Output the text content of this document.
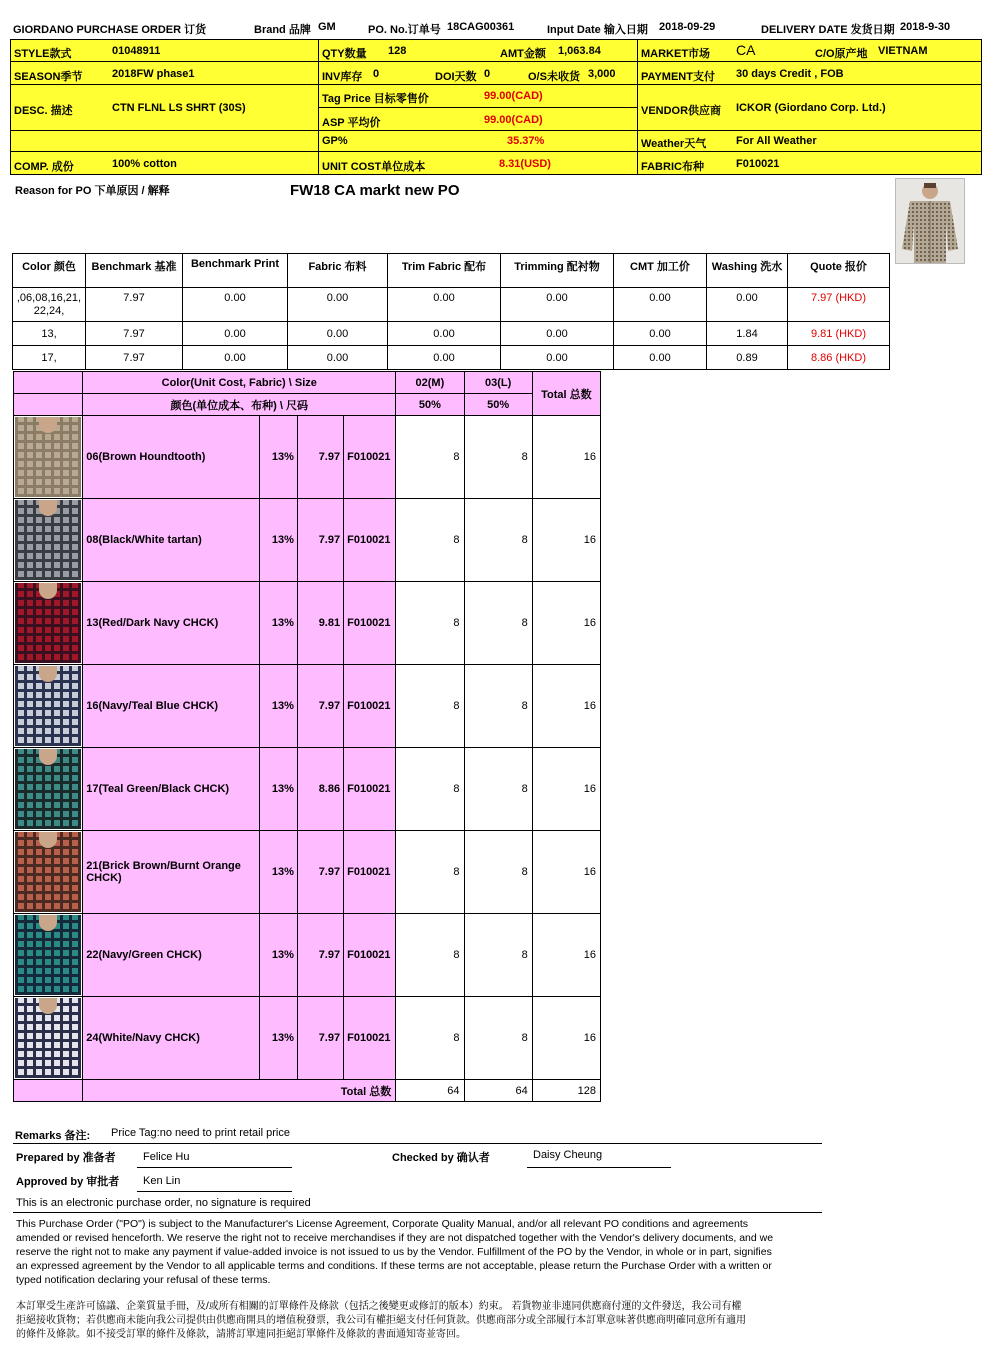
GIORDANO PURCHASE ORDER 订货	Brand 品牌 GM	PO. No.订单号 18CAG00361	Input Date 输入日期 2018-09-29	DELIVERY DATE 发货日期 2018-9-30
STYLE款式	01048911
SEASON季节	2018FW phase1
DESC. 描述	CTN FLNL LS SHRT (30S)
COMP. 成份	100% cotton
QTY数量 128	AMT金额 1,063.84
INV库存 0	DOI天数 0	O/S未收货 3,000
Tag Price 目标零售价	99.00(CAD)
ASP 平均价	99.00(CAD)
GP%	35.37%
UNIT COST单位成本	8.31(USD)
MARKET市场 CA	C/O原产地 VIETNAM
PAYMENT支付 30 days Credit , FOB
VENDOR供应商 ICKOR (Giordano Corp. Ltd.)
Weather天气	For All Weather
FABRIC布种	F010021
Reason for PO 下单原因 / 解释	FW18 CA markt new PO
Color 颜色	Benchmark 基准	Benchmark Print	Fabric 布料	Trim Fabric 配布	Trimming 配衬物	CMT 加工价	Washing 洗水	Quote 报价
,06,08,16,21,
22,24,	7.97	0.00	0.00	0.00	0.00	0.00	0.00	7.97 (HKD)
13,	7.97	0.00	0.00	0.00	0.00	0.00	1.84	9.81 (HKD)
17,	7.97	0.00	0.00	0.00	0.00	0.00	0.89	8.86 (HKD)
	Color(Unit Cost, Fabric) \ Size				02(M)	03(L)	Total 总数
	颜色(单位成本、布种) \ 尺码				50%	50%	

	06(Brown Houndtooth)	13%	7.97	F010021	8	8	16

	08(Black/White tartan)	13%	7.97	F010021	8	8	16

	13(Red/Dark Navy CHCK)	13%	9.81	F010021	8	8	16

	16(Navy/Teal Blue CHCK)	13%	7.97	F010021	8	8	16

	17(Teal Green/Black CHCK)	13%	8.86	F010021	8	8	16

	21(Brick Brown/Burnt Orange CHCK)	13%	7.97	F010021	8	8	16

	22(Navy/Green CHCK)	13%	7.97	F010021	8	8	16

	24(White/Navy CHCK)	13%	7.97	F010021	8	8	16
	Total 总数				64	64	128
Remarks 备注: Price Tag:no need to print retail price
Prepared by 准备者 Felice Hu	Checked by 确认者	Daisy Cheung
Approved by 审批者 Ken Lin
This is an electronic purchase order, no signature is required
This Purchase Order ("PO") is subject to the Manufacturer's License Agreement, Corporate Quality Manual, and/or all relevant PO conditions and agreements
amended or revised henceforth. We reserve the right not to receive merchandises if they are not dispatched together with the Vendor's delivery documents, and we
reserve the right not to make any payment if value-added invoice is not issued to us by the Vendor. Fulfillment of the PO by the Vendor, in whole or in part, signifies
an expressed agreement by the Vendor to all applicable terms and conditions. If these terms are not acceptable, please return the Purchase Order with a written or
typed notification declaring your refusal of these terms.
本訂單受生產許可協議、企業質量手冊，及/或所有相關的訂單條件及條款（包括之後變更或修訂的版本）約束。 若貨物並非連同供應商付運的文件發送，我公司有權
拒絕接收貨物；若供應商未能向我公司提供由供應商開具的增值稅發票，我公司有權拒絕支付任何貨款。供應商部分或全部履行本訂單意味著供應商明確同意所有適用
的條件及條款。如不接受訂單的條件及條款，請將訂單連同拒絕訂單條件及條款的書面通知寄並寄回。
